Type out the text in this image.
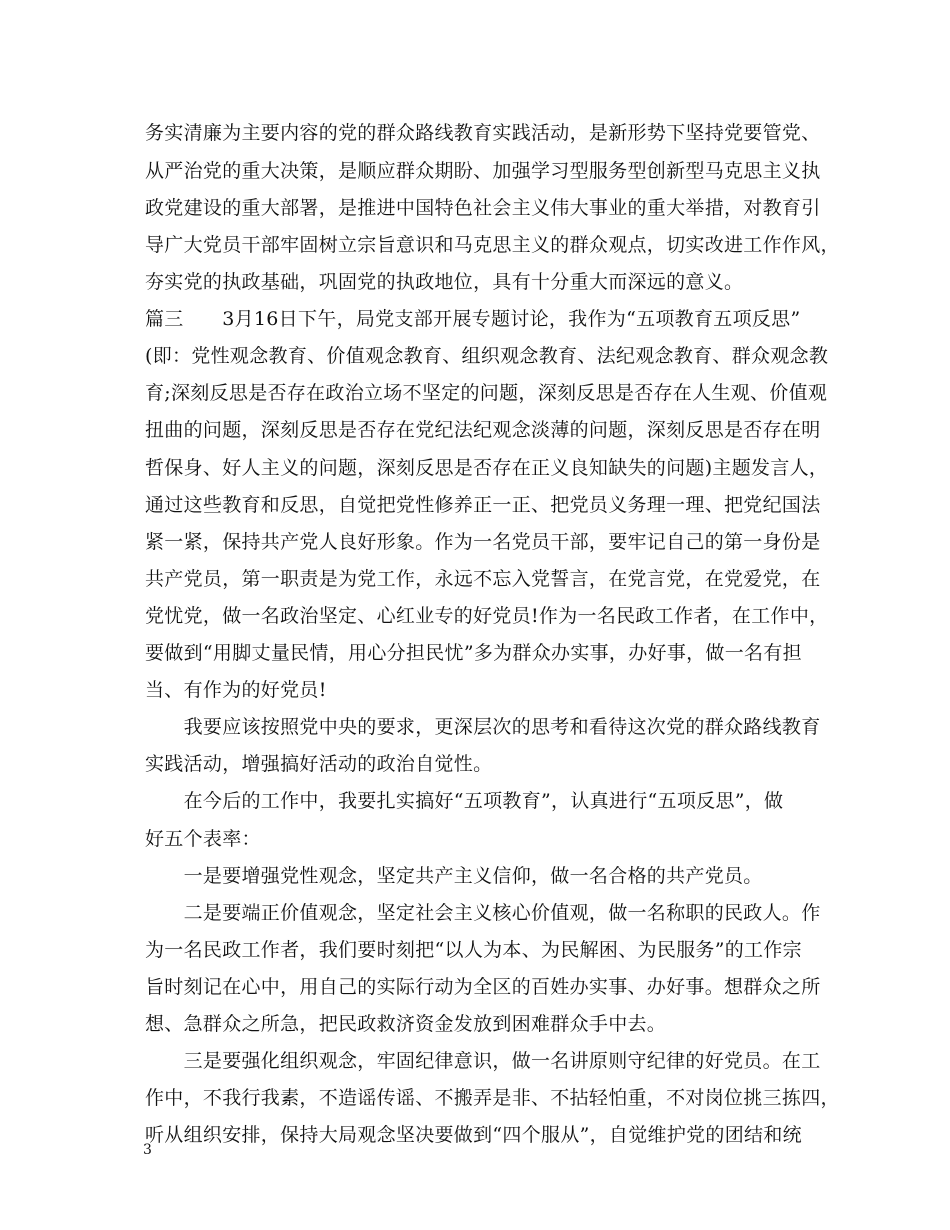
务实清廉为主要内容的党的群众路线教育实践活动，是新形势下坚持党要管党、
从严治党的重大决策，是顺应群众期盼、加强学习型服务型创新型马克思主义执
政党建设的重大部署，是推进中国特色社会主义伟大事业的重大举措，对教育引
导广大党员干部牢固树立宗旨意识和马克思主义的群众观点，切实改进工作作风，
夯实党的执政基础，巩固党的执政地位，具有十分重大而深远的意义。
篇三　　3月16日下午，局党支部开展专题讨论，我作为“五项教育五项反思”
(即：党性观念教育、价值观念教育、组织观念教育、法纪观念教育、群众观念教
育;深刻反思是否存在政治立场不坚定的问题，深刻反思是否存在人生观、价值观
扭曲的问题，深刻反思是否存在党纪法纪观念淡薄的问题，深刻反思是否存在明
哲保身、好人主义的问题，深刻反思是否存在正义良知缺失的问题)主题发言人，
通过这些教育和反思，自觉把党性修养正一正、把党员义务理一理、把党纪国法
紧一紧，保持共产党人良好形象。作为一名党员干部，要牢记自己的第一身份是
共产党员，第一职责是为党工作，永远不忘入党誓言，在党言党，在党爱党，在
党忧党，做一名政治坚定、心红业专的好党员!作为一名民政工作者，在工作中，
要做到“用脚丈量民情，用心分担民忧”多为群众办实事，办好事，做一名有担
当、有作为的好党员!
　　我要应该按照党中央的要求，更深层次的思考和看待这次党的群众路线教育
实践活动，增强搞好活动的政治自觉性。
　　在今后的工作中，我要扎实搞好“五项教育”，认真进行“五项反思”，做
好五个表率：
　　一是要增强党性观念，坚定共产主义信仰，做一名合格的共产党员。
　　二是要端正价值观念，坚定社会主义核心价值观，做一名称职的民政人。作
为一名民政工作者，我们要时刻把“以人为本、为民解困、为民服务”的工作宗
旨时刻记在心中，用自己的实际行动为全区的百姓办实事、办好事。想群众之所
想、急群众之所急，把民政救济资金发放到困难群众手中去。
　　三是要强化组织观念，牢固纪律意识，做一名讲原则守纪律的好党员。在工
作中，不我行我素，不造谣传谣、不搬弄是非、不拈轻怕重，不对岗位挑三拣四，
听从组织安排，保持大局观念坚决要做到“四个服从”，自觉维护党的团结和统
3
